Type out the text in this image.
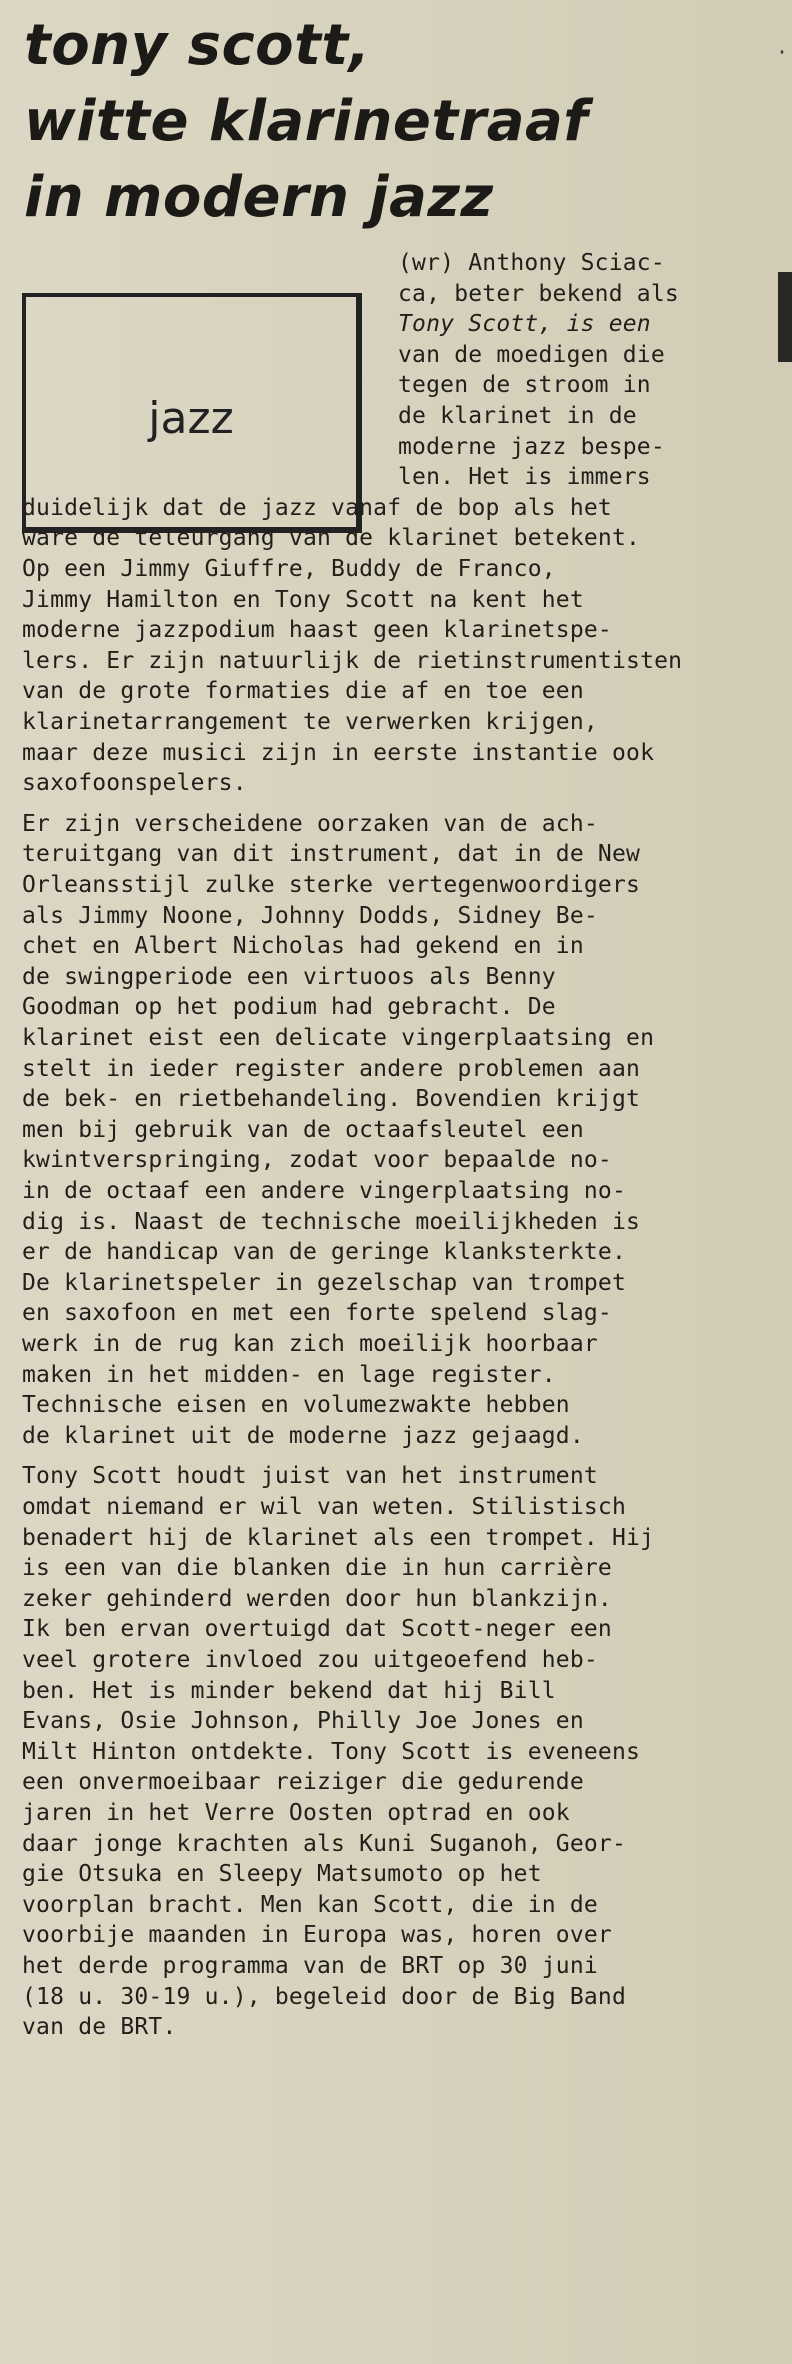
tony scott,
witte klarinetraaf
in modern jazz
jazz
·
(wr) Anthony Sciac-
ca, beter bekend als
Tony Scott, is een
van de moedigen die
tegen de stroom in
de klarinet in de
moderne jazz bespe-
len. Het is immers
duidelijk dat de jazz vanaf de bop als het
ware de teleurgang van de klarinet betekent.
Op een Jimmy Giuffre, Buddy de Franco,
Jimmy Hamilton en Tony Scott na kent het
moderne jazzpodium haast geen klarinetspe-
lers. Er zijn natuurlijk de rietinstrumentisten
van de grote formaties die af en toe een
klarinetarrangement te verwerken krijgen,
maar deze musici zijn in eerste instantie ook
saxofoonspelers.
Er zijn verscheidene oorzaken van de ach-
teruitgang van dit instrument, dat in de New
Orleansstijl zulke sterke vertegenwoordigers
als Jimmy Noone, Johnny Dodds, Sidney Be-
chet en Albert Nicholas had gekend en in
de swingperiode een virtuoos als Benny
Goodman op het podium had gebracht. De
klarinet eist een delicate vingerplaatsing en
stelt in ieder register andere problemen aan
de bek- en rietbehandeling. Bovendien krijgt
men bij gebruik van de octaafsleutel een
kwintverspringing, zodat voor bepaalde no-
in de octaaf een andere vingerplaatsing no-
dig is. Naast de technische moeilijkheden is
er de handicap van de geringe klanksterkte.
De klarinetspeler in gezelschap van trompet
en saxofoon en met een forte spelend slag-
werk in de rug kan zich moeilijk hoorbaar
maken in het midden- en lage register.
Technische eisen en volumezwakte hebben
de klarinet uit de moderne jazz gejaagd.
Tony Scott houdt juist van het instrument
omdat niemand er wil van weten. Stilistisch
benadert hij de klarinet als een trompet. Hij
is een van die blanken die in hun carrière
zeker gehinderd werden door hun blankzijn.
Ik ben ervan overtuigd dat Scott-neger een
veel grotere invloed zou uitgeoefend heb-
ben. Het is minder bekend dat hij Bill
Evans, Osie Johnson, Philly Joe Jones en
Milt Hinton ontdekte. Tony Scott is eveneens
een onvermoeibaar reiziger die gedurende
jaren in het Verre Oosten optrad en ook
daar jonge krachten als Kuni Suganoh, Geor-
gie Otsuka en Sleepy Matsumoto op het
voorplan bracht. Men kan Scott, die in de
voorbije maanden in Europa was, horen over
het derde programma van de BRT op 30 juni
(18 u. 30-19 u.), begeleid door de Big Band
van de BRT.
